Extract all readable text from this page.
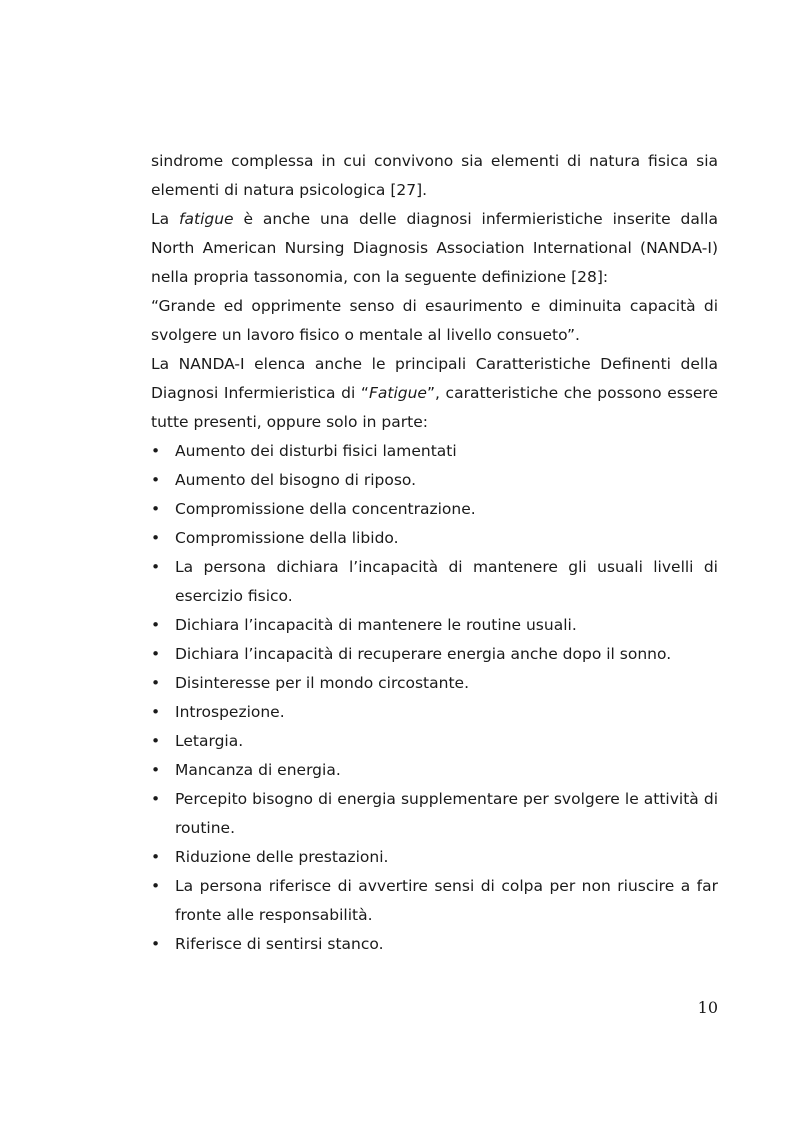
sindrome complessa in cui convivono sia elementi di natura fisica sia elementi di natura psicologica [27].

La fatigue è anche una delle diagnosi infermieristiche inserite dalla North American Nursing Diagnosis Association International (NANDA-I) nella propria tassonomia, con la seguente definizione [28]:

“Grande ed opprimente senso di esaurimento e diminuita capacità di svolgere un lavoro fisico o mentale al livello consueto”.

La NANDA-I elenca anche le principali Caratteristiche Definenti della Diagnosi Infermieristica di “Fatigue”, caratteristiche che possono essere tutte presenti, oppure solo in parte:

• Aumento dei disturbi fisici lamentati
• Aumento del bisogno di riposo.
• Compromissione della concentrazione.
• Compromissione della libido.
• La persona dichiara l’incapacità di mantenere gli usuali livelli di esercizio fisico.
• Dichiara l’incapacità di mantenere le routine usuali.
• Dichiara l’incapacità di recuperare energia anche dopo il sonno.
• Disinteresse per il mondo circostante.
• Introspezione.
• Letargia.
• Mancanza di energia.
• Percepito bisogno di energia supplementare per svolgere le attività di routine.
• Riduzione delle prestazioni.
• La persona riferisce di avvertire sensi di colpa per non riuscire a far fronte alle responsabilità.
• Riferisce di sentirsi stanco.
10
